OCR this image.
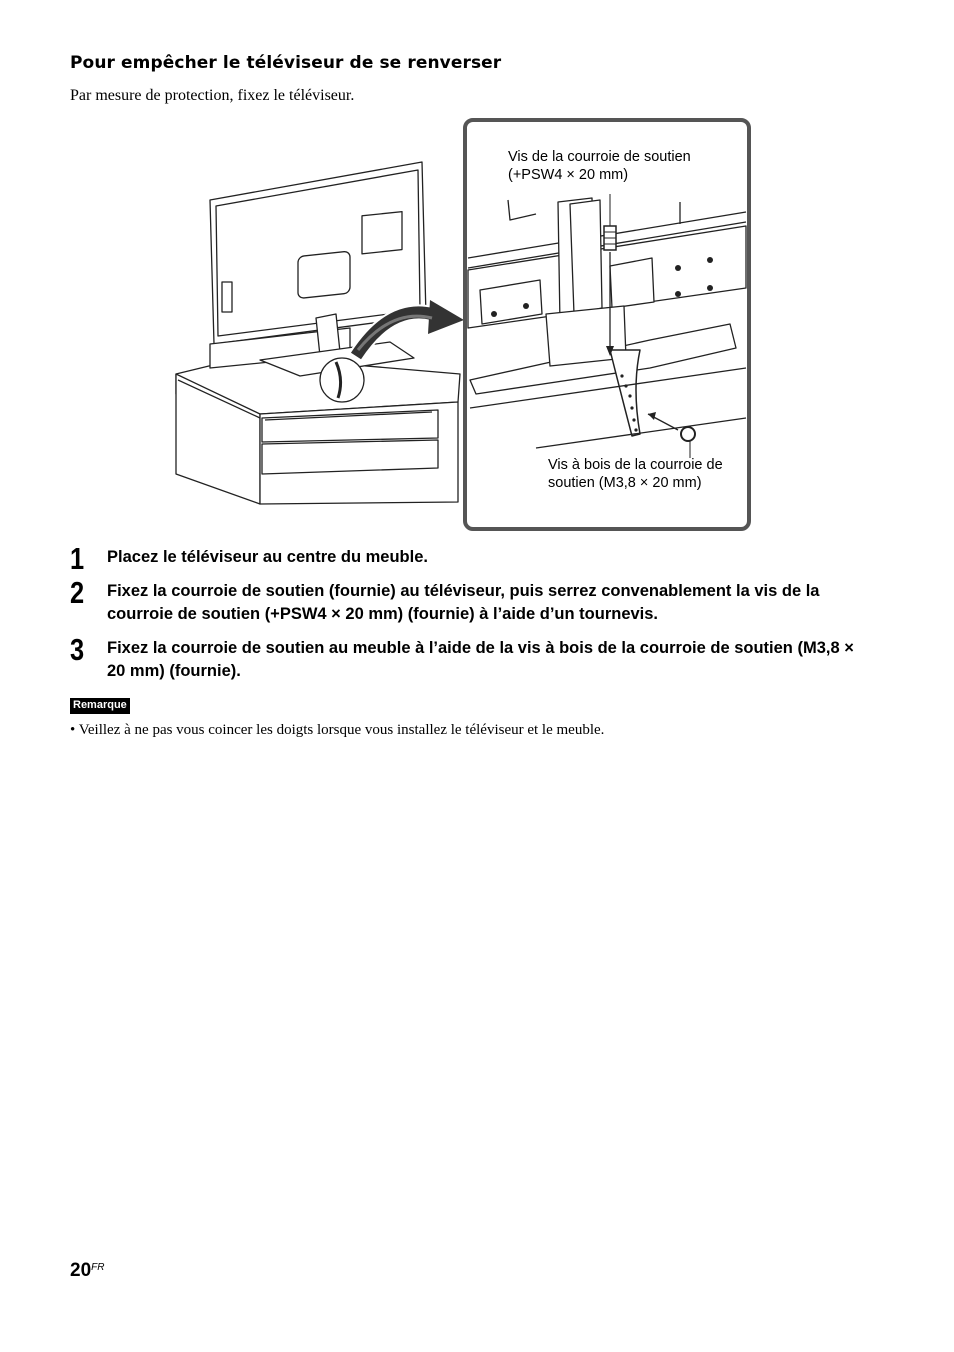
Pour empêcher le téléviseur de se renverser

Par mesure de protection, fixez le téléviseur.

Vis de la courroie de soutien
(+PSW4 × 20 mm)

Vis à bois de la courroie de
soutien (M3,8 × 20 mm)

1 Placez le téléviseur au centre du meuble.
2 Fixez la courroie de soutien (fournie) au téléviseur, puis serrez convenablement la vis de la courroie de soutien (+PSW4 × 20 mm) (fournie) à l’aide d’un tournevis.
3 Fixez la courroie de soutien au meuble à l’aide de la vis à bois de la courroie de soutien (M3,8 × 20 mm) (fournie).
Remarque

• Veillez à ne pas vous coincer les doigts lorsque vous installez le téléviseur et le meuble.

$20^{FR}$
